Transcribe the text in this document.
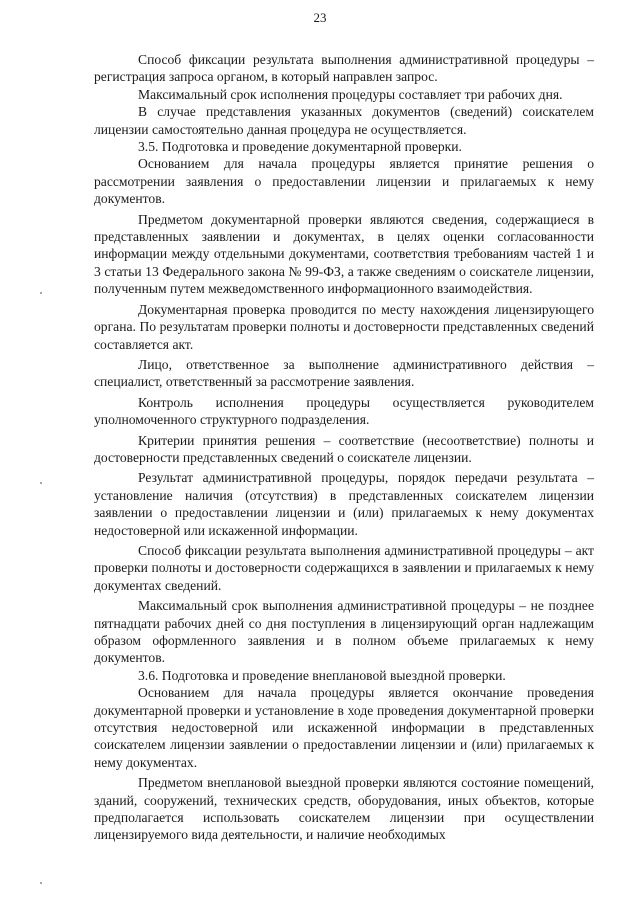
23

Способ фиксации результата выполнения административной процедуры – регистрация запроса органом, в который направлен запрос.

Максимальный срок исполнения процедуры составляет три рабочих дня.

В случае представления указанных документов (сведений) соискателем лицензии самостоятельно данная процедура не осуществляется.

3.5. Подготовка и проведение документарной проверки.

Основанием для начала процедуры является принятие решения о рассмотрении заявления о предоставлении лицензии и прилагаемых к нему документов.

Предметом документарной проверки являются сведения, содержащиеся в представленных заявлении и документах, в целях оценки согласованности информации между отдельными документами, соответствия требованиям частей 1 и 3 статьи 13 Федерального закона № 99-ФЗ, а также сведениям о соискателе лицензии, полученным путем межведомственного информационного взаимодействия.

Документарная проверка проводится по месту нахождения лицензирующего органа. По результатам проверки полноты и достоверности представленных сведений составляется акт.

Лицо, ответственное за выполнение административного действия – специалист, ответственный за рассмотрение заявления.

Контроль исполнения процедуры осуществляется руководителем уполномоченного структурного подразделения.

Критерии принятия решения – соответствие (несоответствие) полноты и достоверности представленных сведений о соискателе лицензии.

Результат административной процедуры, порядок передачи результата – установление наличия (отсутствия) в представленных соискателем лицензии заявлении о предоставлении лицензии и (или) прилагаемых к нему документах недостоверной или искаженной информации.

Способ фиксации результата выполнения административной процедуры – акт проверки полноты и достоверности содержащихся в заявлении и прилагаемых к нему документах сведений.

Максимальный срок выполнения административной процедуры – не позднее пятнадцати рабочих дней со дня поступления в лицензирующий орган надлежащим образом оформленного заявления и в полном объеме прилагаемых к нему документов.

3.6. Подготовка и проведение внеплановой выездной проверки.

Основанием для начала процедуры является окончание проведения документарной проверки и установление в ходе проведения документарной проверки отсутствия недостоверной или искаженной информации в представленных соискателем лицензии заявлении о предоставлении лицензии и (или) прилагаемых к нему документах.

Предметом внеплановой выездной проверки являются состояние помещений, зданий, сооружений, технических средств, оборудования, иных объектов, которые предполагается использовать соискателем лицензии при осуществлении лицензируемого вида деятельности, и наличие необходимых
